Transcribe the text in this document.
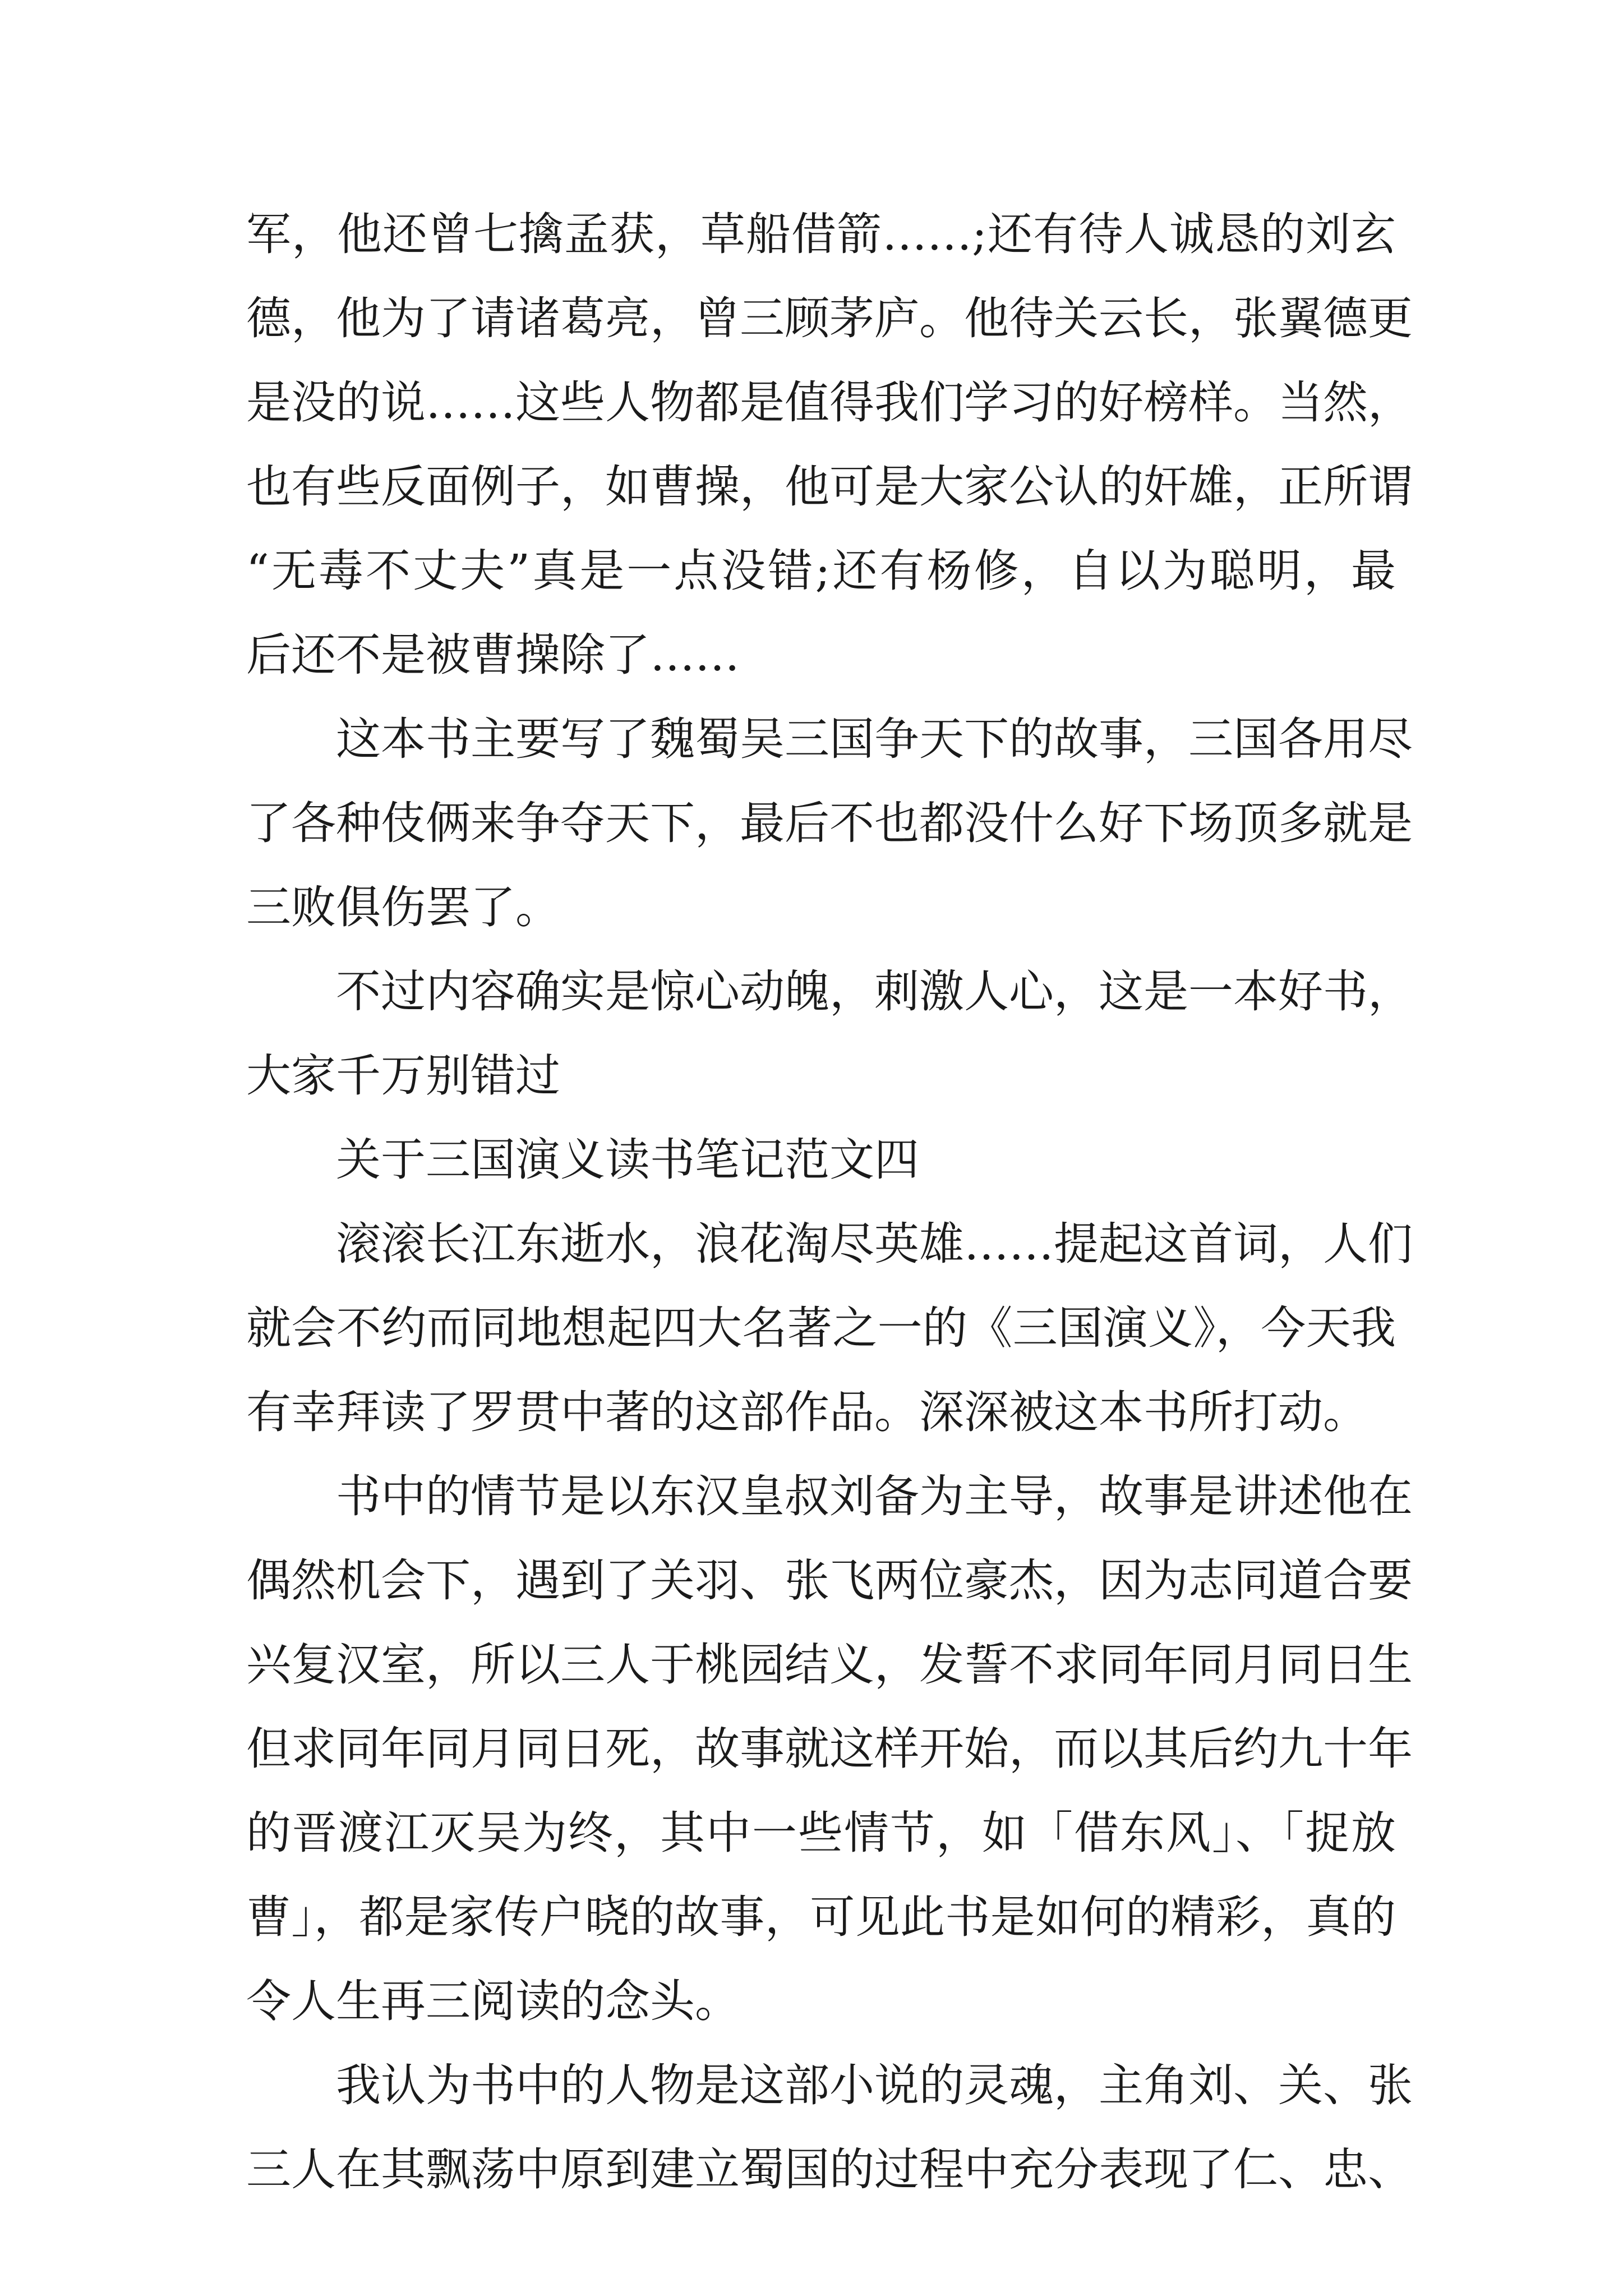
军，他还曾七擒孟获，草船借箭……;还有待人诚恳的刘玄
德，他为了请诸葛亮，曾三顾茅庐。他待关云长，张翼德更
是没的说……这些人物都是值得我们学习的好榜样。当然，
也有些反面例子，如曹操，他可是大家公认的奸雄，正所谓
“无毒不丈夫”真是一点没错;还有杨修，自以为聪明，最
后还不是被曹操除了……
这本书主要写了魏蜀吴三国争天下的故事，三国各用尽
了各种伎俩来争夺天下，最后不也都没什么好下场顶多就是
三败俱伤罢了。
不过内容确实是惊心动魄，刺激人心，这是一本好书，
大家千万别错过
关于三国演义读书笔记范文四
滚滚长江东逝水，浪花淘尽英雄……提起这首词，人们
就会不约而同地想起四大名著之一的《三国演义》，今天我
有幸拜读了罗贯中著的这部作品。深深被这本书所打动。
书中的情节是以东汉皇叔刘备为主导，故事是讲述他在
偶然机会下，遇到了关羽、张飞两位豪杰，因为志同道合要
兴复汉室，所以三人于桃园结义，发誓不求同年同月同日生
但求同年同月同日死，故事就这样开始，而以其后约九十年
的晋渡江灭吴为终，其中一些情节，如「借东风」、「捉放
曹」，都是家传户晓的故事，可见此书是如何的精彩，真的
令人生再三阅读的念头。
我认为书中的人物是这部小说的灵魂，主角刘、关、张
三人在其飘荡中原到建立蜀国的过程中充分表现了仁、忠、
